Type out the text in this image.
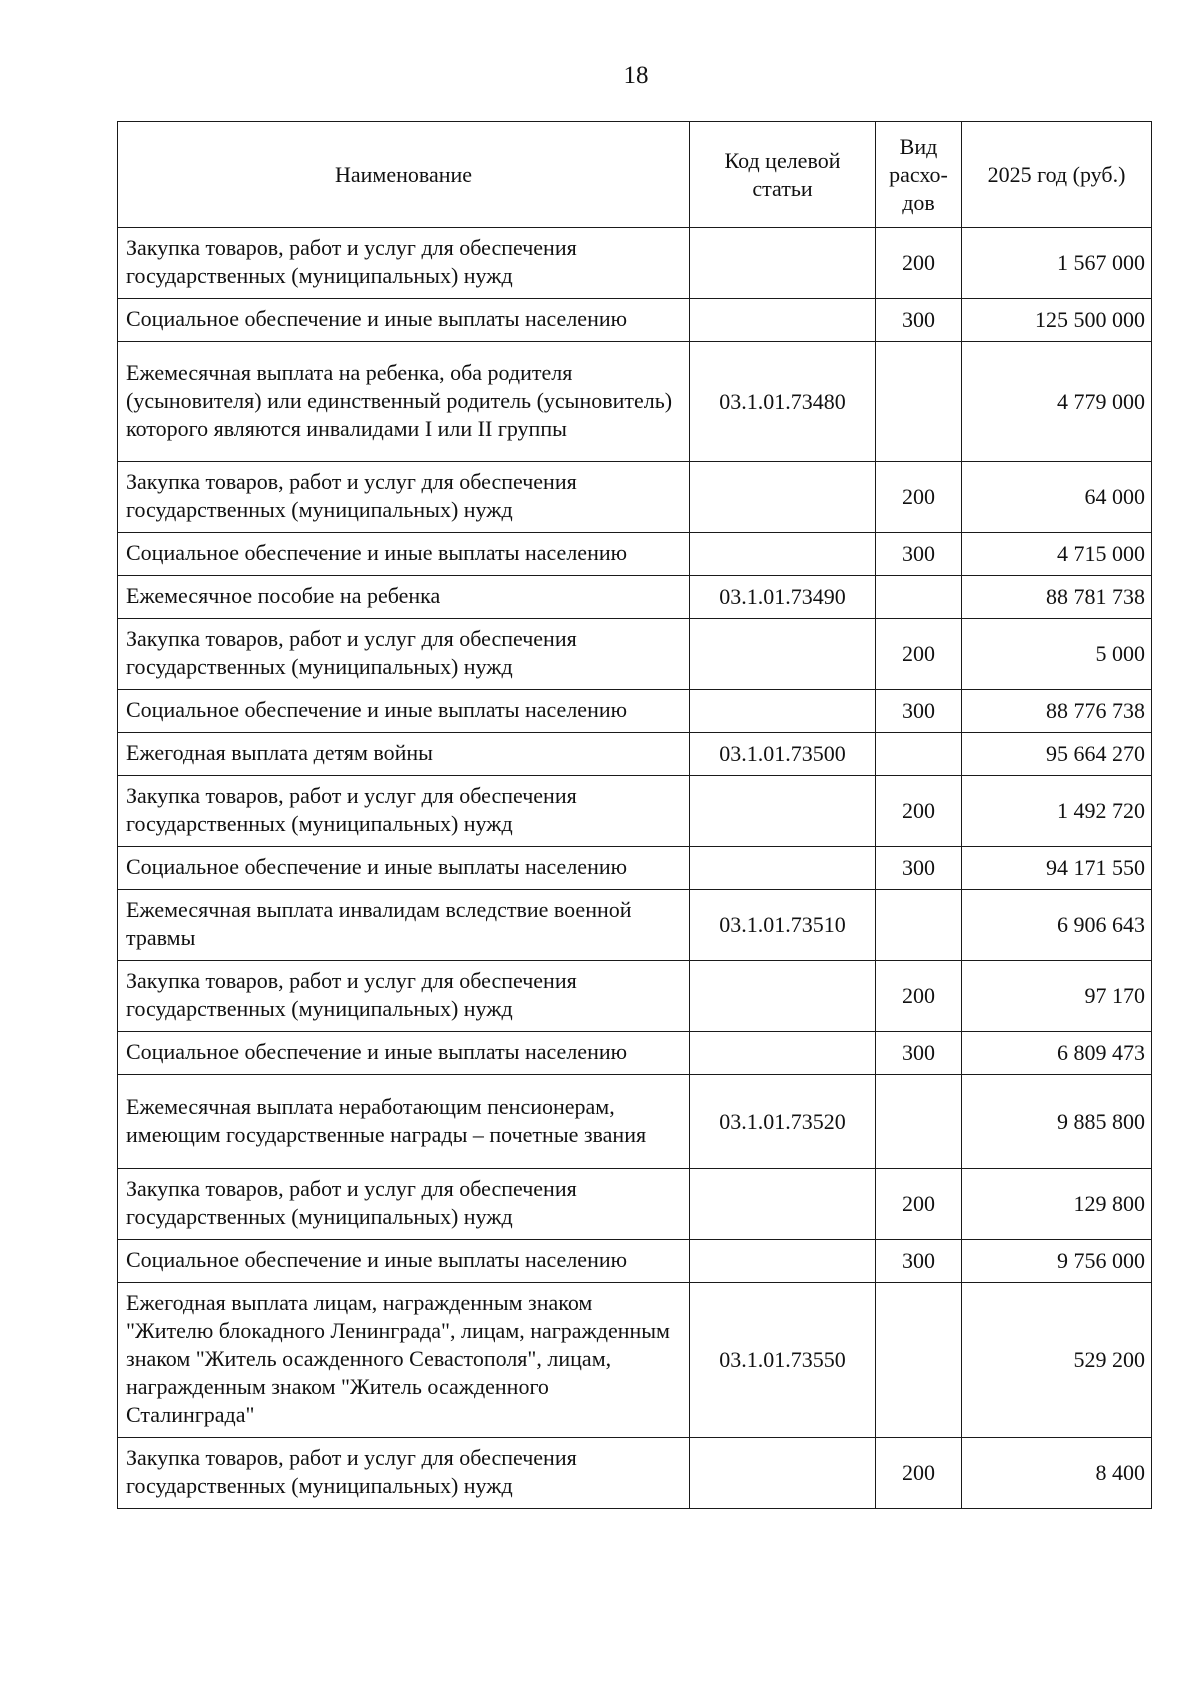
18
Наименование	Код целевой статьи	Вид расхо-дов	2025 год (руб.)
Закупка товаров, работ и услуг для обеспечения государственных (муниципальных) нужд		200	1 567 000
Социальное обеспечение и иные выплаты населению		300	125 500 000
Ежемесячная выплата на ребенка, оба родителя (усыновителя) или единственный родитель (усыновитель) которого являются инвалидами I или II группы	03.1.01.73480		4 779 000
Закупка товаров, работ и услуг для обеспечения государственных (муниципальных) нужд		200	64 000
Социальное обеспечение и иные выплаты населению		300	4 715 000
Ежемесячное пособие на ребенка	03.1.01.73490		88 781 738
Закупка товаров, работ и услуг для обеспечения государственных (муниципальных) нужд		200	5 000
Социальное обеспечение и иные выплаты населению		300	88 776 738
Ежегодная выплата детям войны	03.1.01.73500		95 664 270
Закупка товаров, работ и услуг для обеспечения государственных (муниципальных) нужд		200	1 492 720
Социальное обеспечение и иные выплаты населению		300	94 171 550
Ежемесячная выплата инвалидам вследствие военной травмы	03.1.01.73510		6 906 643
Закупка товаров, работ и услуг для обеспечения государственных (муниципальных) нужд		200	97 170
Социальное обеспечение и иные выплаты населению		300	6 809 473
Ежемесячная выплата неработающим пенсионерам, имеющим государственные награды – почетные звания	03.1.01.73520		9 885 800
Закупка товаров, работ и услуг для обеспечения государственных (муниципальных) нужд		200	129 800
Социальное обеспечение и иные выплаты населению		300	9 756 000
Ежегодная выплата лицам, награжденным знаком "Жителю блокадного Ленинграда", лицам, награжденным знаком "Житель осажденного Севастополя", лицам, награжденным знаком "Житель осажденного Сталинграда"	03.1.01.73550		529 200
Закупка товаров, работ и услуг для обеспечения государственных (муниципальных) нужд		200	8 400
